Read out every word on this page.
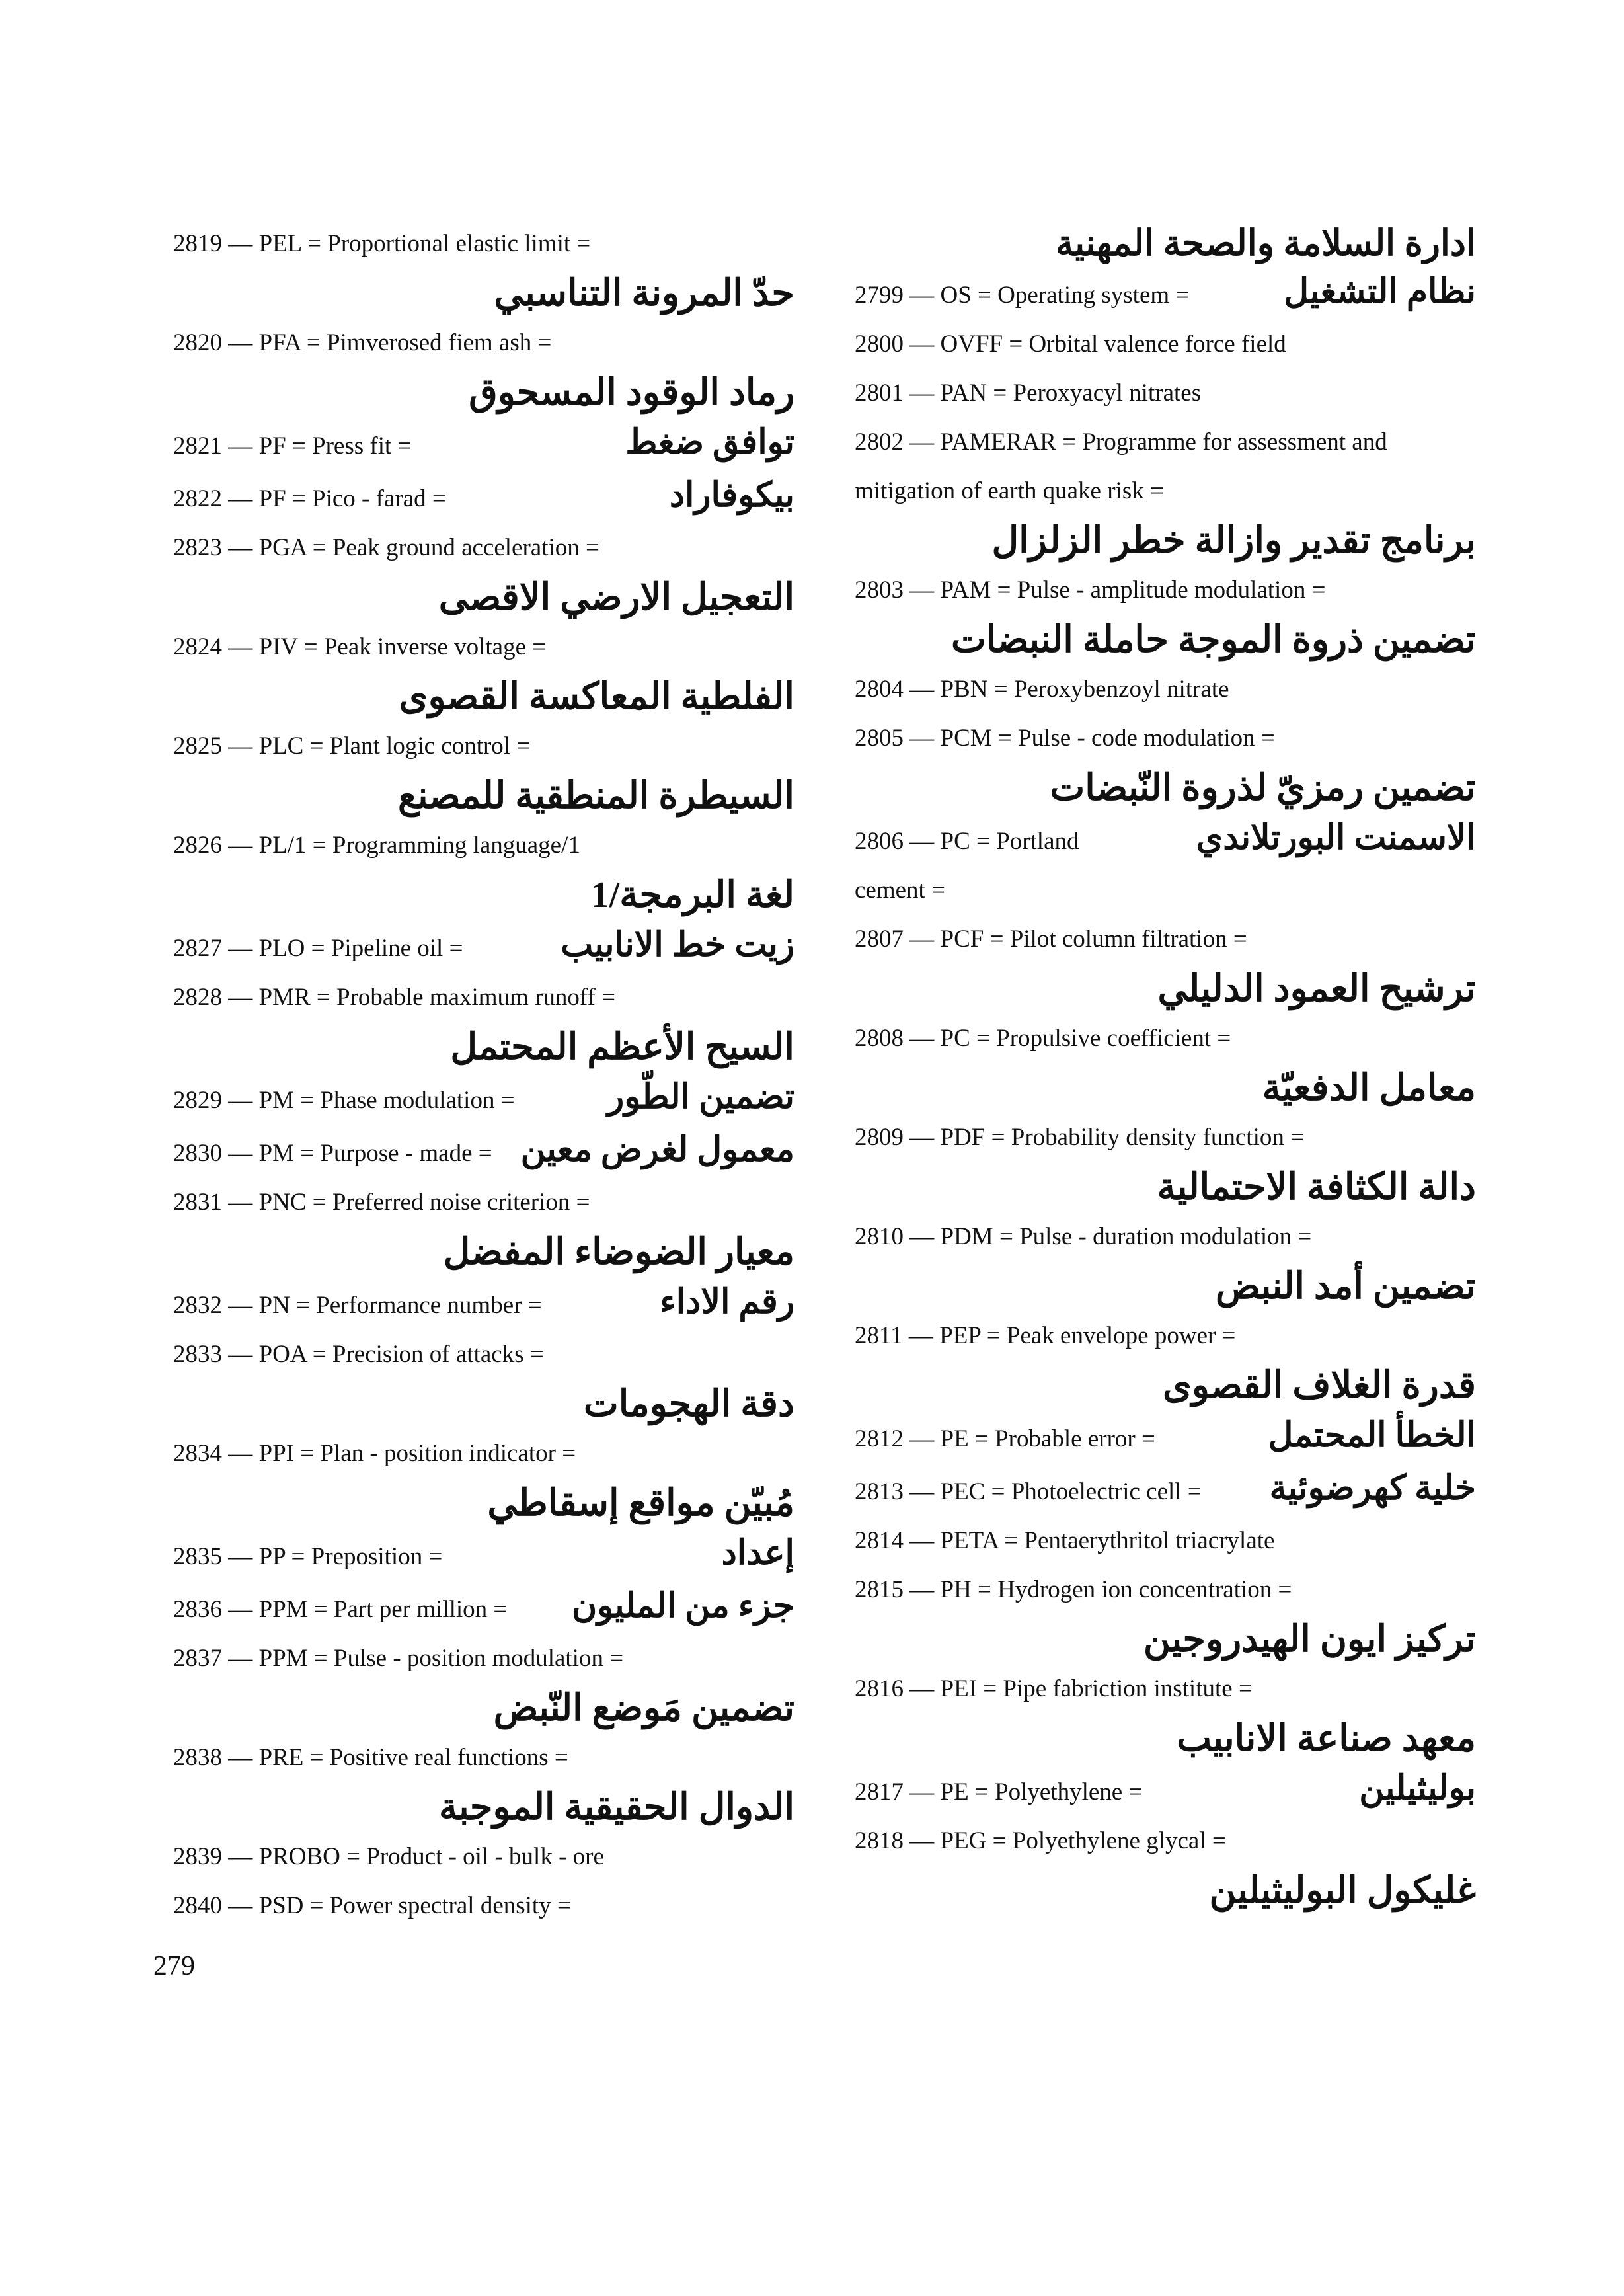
2819 — PEL = Proportional elastic limit =
حدّ المرونة التناسبي
2820 — PFA = Pimverosed fiem ash =
رماد الوقود المسحوق
2821 — PF = Press fit =	توافق ضغط
2822 — PF = Pico - farad =	بيكوفاراد
2823 — PGA = Peak ground acceleration =
التعجيل الارضي الاقصى
2824 — PIV = Peak inverse voltage =
الفلطية المعاكسة القصوى
2825 — PLC = Plant logic control =
السيطرة المنطقية للمصنع
2826 — PL/1 = Programming language/1
لغة البرمجة/1
2827 — PLO = Pipeline oil =	زيت خط الانابيب
2828 — PMR = Probable maximum runoff =
السيح الأعظم المحتمل
2829 — PM = Phase modulation =	تضمين الطّور
2830 — PM = Purpose - made = معمول لغرض معين
2831 — PNC = Preferred noise criterion =
معيار الضوضاء المفضل
2832 — PN = Performance number =	رقم الاداء
2833 — POA = Precision of attacks =
دقة الهجومات
2834 — PPI = Plan - position indicator =
مُبيّن مواقع إسقاطي
2835 — PP = Preposition =	إعداد
2836 — PPM = Part per million = جزء من المليون
2837 — PPM = Pulse - position modulation =
تضمين مَوضع النّبض
2838 — PRE = Positive real functions =
الدوال الحقيقية الموجبة
2839 — PROBO = Product - oil - bulk - ore
2840 — PSD = Power spectral density =
ادارة السلامة والصحة المهنية
2799 — OS = Operating system =	نظام التشغيل
2800 — OVFF = Orbital valence force field
2801 — PAN = Peroxyacyl nitrates
2802 — PAMERAR = Programme for assessment and mitigation of earth quake risk =
برنامج تقدير وازالة خطر الزلزال
2803 — PAM = Pulse - amplitude modulation =
تضمين ذروة الموجة حاملة النبضات
2804 — PBN = Peroxybenzoyl nitrate
2805 — PCM = Pulse - code modulation =
تضمين رمزيّ لذروة النّبضات
2806 — PC = Portland	الاسمنت البورتلاندي
cement =
2807 — PCF = Pilot column filtration =
ترشيح العمود الدليلي
2808 — PC = Propulsive coefficient =
معامل الدفعيّة
2809 — PDF = Probability density function =
دالة الكثافة الاحتمالية
2810 — PDM = Pulse - duration modulation =
تضمين أمد النبض
2811 — PEP = Peak envelope power =
قدرة الغلاف القصوى
2812 — PE = Probable error =	الخطأ المحتمل
2813 — PEC = Photoelectric cell = خلية كهرضوئية
2814 — PETA = Pentaerythritol triacrylate
2815 — PH = Hydrogen ion concentration =
تركيز ايون الهيدروجين
2816 — PEI = Pipe fabriction institute =
معهد صناعة الانابيب
2817 — PE = Polyethylene =	بوليثيلين
2818 — PEG = Polyethylene glycal =
غليكول البوليثيلين
279
